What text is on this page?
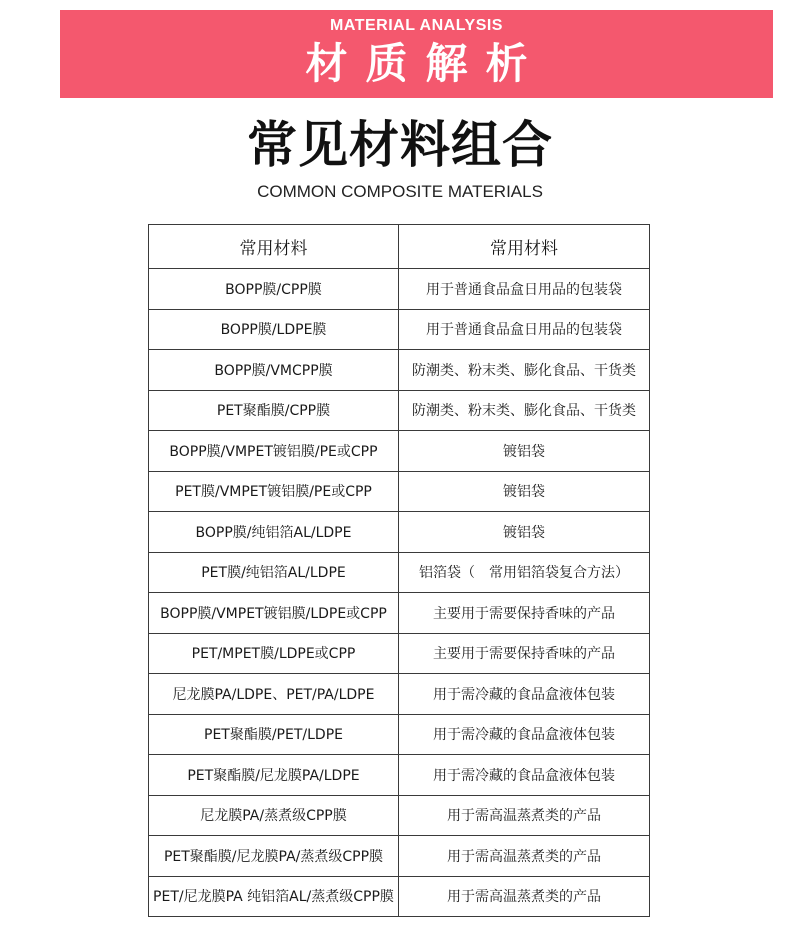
MATERIAL ANALYSIS
材质解析
常见材料组合
COMMON COMPOSITE MATERIALS
常用材料	常用材料
BOPP膜/CPP膜	用于普通食品盒日用品的包装袋
BOPP膜/LDPE膜	用于普通食品盒日用品的包装袋
BOPP膜/VMCPP膜	防潮类、粉末类、膨化食品、干货类
PET聚酯膜/CPP膜	防潮类、粉末类、膨化食品、干货类
BOPP膜/VMPET镀铝膜/PE或CPP	镀铝袋
PET膜/VMPET镀铝膜/PE或CPP	镀铝袋
BOPP膜/纯铝箔AL/LDPE	镀铝袋
PET膜/纯铝箔AL/LDPE	铝箔袋（　常用铝箔袋复合方法）
BOPP膜/VMPET镀铝膜/LDPE或CPP	主要用于需要保持香味的产品
PET/MPET膜/LDPE或CPP	主要用于需要保持香味的产品
尼龙膜PA/LDPE、PET/PA/LDPE	用于需冷藏的食品盒液体包装
PET聚酯膜/PET/LDPE	用于需冷藏的食品盒液体包装
PET聚酯膜/尼龙膜PA/LDPE	用于需冷藏的食品盒液体包装
尼龙膜PA/蒸煮级CPP膜	用于需高温蒸煮类的产品
PET聚酯膜/尼龙膜PA/蒸煮级CPP膜	用于需高温蒸煮类的产品
PET/尼龙膜PA 纯铝箔AL/蒸煮级CPP膜	用于需高温蒸煮类的产品
